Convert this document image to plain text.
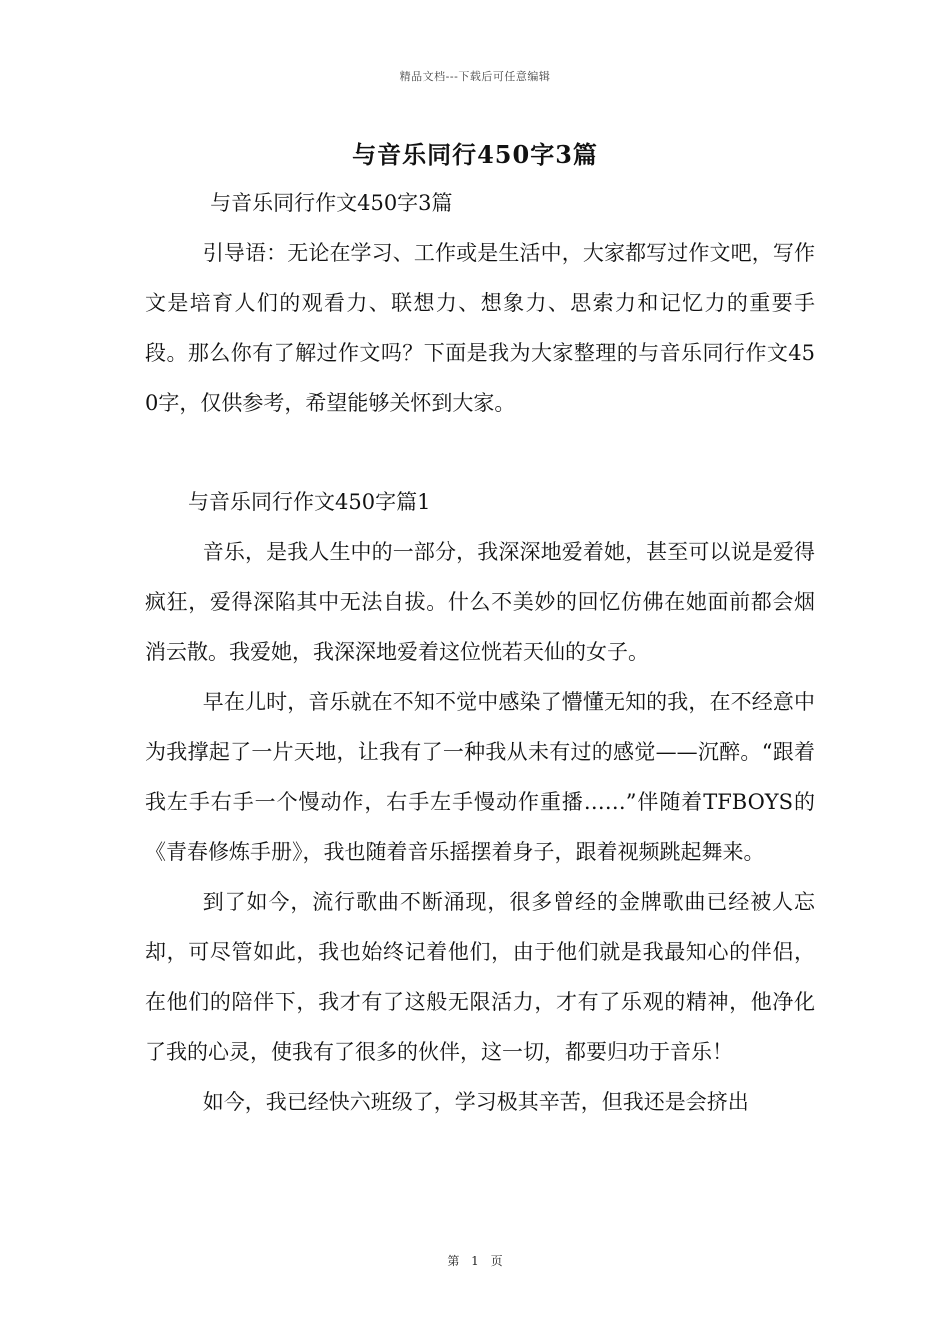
精品文档---下载后可任意编辑
与音乐同行450字3篇

与音乐同行作文450字3篇

引导语：无论在学习、工作或是生活中，大家都写过作文吧，写作文是培育人们的观看力、联想力、想象力、思索力和记忆力的重要手段。那么你有了解过作文吗？下面是我为大家整理的与音乐同行作文450字，仅供参考，希望能够关怀到大家。

与音乐同行作文450字篇1

音乐，是我人生中的一部分，我深深地爱着她，甚至可以说是爱得疯狂，爱得深陷其中无法自拔。什么不美妙的回忆仿佛在她面前都会烟消云散。我爱她，我深深地爱着这位恍若天仙的女子。

早在儿时，音乐就在不知不觉中感染了懵懂无知的我，在不经意中为我撑起了一片天地，让我有了一种我从未有过的感觉——沉醉。“跟着我左手右手一个慢动作，右手左手慢动作重播……”伴随着TFBOYS的《青春修炼手册》，我也随着音乐摇摆着身子，跟着视频跳起舞来。

到了如今，流行歌曲不断涌现，很多曾经的金牌歌曲已经被人忘却，可尽管如此，我也始终记着他们，由于他们就是我最知心的伴侣，在他们的陪伴下，我才有了这般无限活力，才有了乐观的精神，他净化了我的心灵，使我有了很多的伙伴，这一切，都要归功于音乐！

如今，我已经快六班级了，学习极其辛苦，但我还是会挤出

第 1 页
